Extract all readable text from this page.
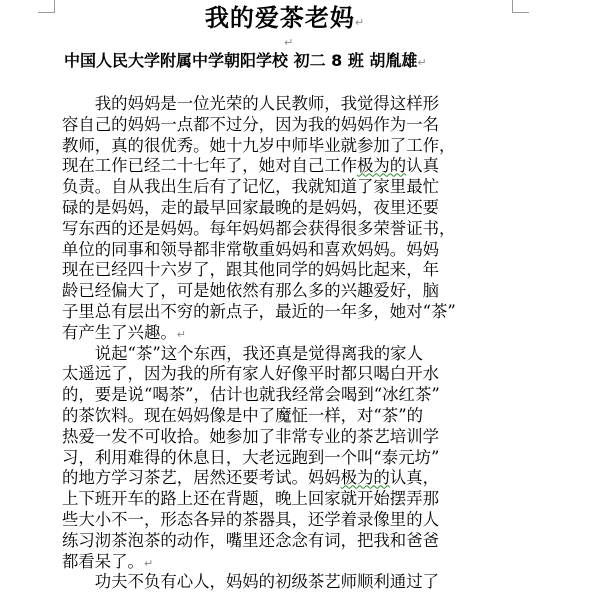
我的爱茶老妈↵
↵
中国人民大学附属中学朝阳学校 初二 8 班 胡胤雄↵
　　我的妈妈是一位光荣的人民教师，我觉得这样形
容自己的妈妈一点都不过分，因为我的妈妈作为一名
教师，真的很优秀。她十九岁中师毕业就参加了工作，
现在工作已经二十七年了，她对自己工作极为的认真
负责。自从我出生后有了记忆，我就知道了家里最忙
碌的是妈妈，走的最早回家最晚的是妈妈，夜里还要
写东西的还是妈妈。每年妈妈都会获得很多荣誉证书，
单位的同事和领导都非常敬重妈妈和喜欢妈妈。妈妈
现在已经四十六岁了，跟其他同学的妈妈比起来，年
龄已经偏大了，可是她依然有那么多的兴趣爱好，脑
子里总有层出不穷的新点子，最近的一年多，她对“茶”
有产生了兴趣。↵
　　说起“茶”这个东西，我还真是觉得离我的家人
太遥远了，因为我的所有家人好像平时都只喝白开水
的，要是说“喝茶”，估计也就我经常会喝到“冰红茶”
的茶饮料。现在妈妈像是中了魔怔一样，对“茶”的
热爱一发不可收拾。她参加了非常专业的茶艺培训学
习，利用难得的休息日，大老远跑到一个叫“泰元坊”
的地方学习茶艺，居然还要考试。妈妈极为的认真，
上下班开车的路上还在背题，晚上回家就开始摆弄那
些大小不一，形态各异的茶器具，还学着录像里的人
练习沏茶泡茶的动作，嘴里还念念有词，把我和爸爸
都看呆了。↵
　　功夫不负有心人，妈妈的初级茶艺师顺利通过了
